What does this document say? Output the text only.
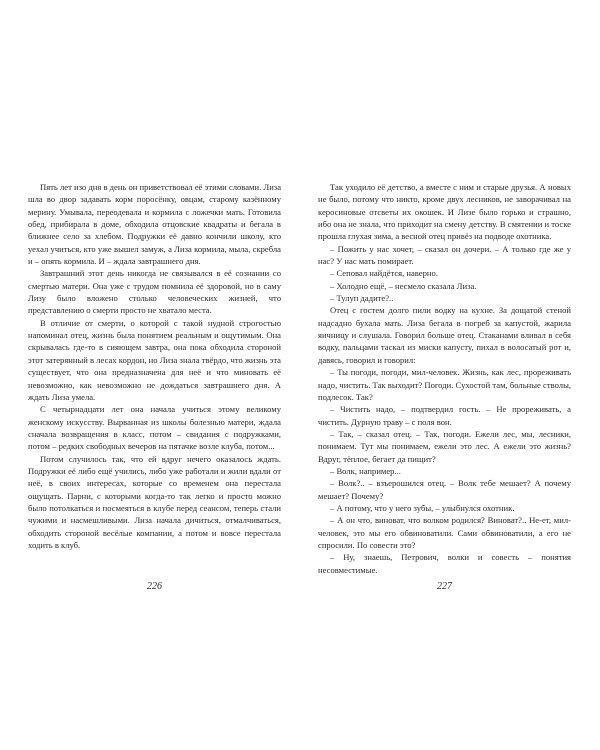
Пять лет изо дня в день он приветствовал её этими словами. Лиза шла во двор задавать корм поросёнку, овцам, старому казённому мерину. Умывала, переодевала и кормила с ложечки мать. Готовила обед, прибирала в доме, обходила отцовские квадраты и бегала в ближнее село за хлебом. Подружки её давно кончили школу, кто уехал учиться, кто уже вышел замуж, а Лиза кормила, мыла, скребла и – опять кормила. И – ждала завтрашнего дня.

Завтрашний этот день никогда не связывался в её сознании со смертью матери. Она уже с трудом помнила её здоровой, но в саму Лизу было вложено столько человеческих жизней, что представлению о смерти просто не хватало места.

В отличие от смерти, о которой с такой нудной строгостью напоминал отец, жизнь была понятием реальным и ощутимым. Она скрывалась где-то в сияющем завтра, она пока обходила стороной этот затерянный в лесах кордон, но Лиза знала твёрдо, что жизнь эта существует, что она предназначена для неё и что миновать её невозможно, как невозможно не дождаться завтрашнего дня. А ждать Лиза умела.

С четырнадцати лет она начала учиться этому великому женскому искусству. Вырванная из школы болезнью матери, ждала сначала возвращения в класс, потом – свидания с подружками, потом – редких свободных вечеров на пятачке возле клуба, потом...

Потом случилось так, что ей вдруг нечего оказалось ждать. Подружки её либо ещё учились, либо уже работали и жили вдали от неё, в своих интересах, которые со временем она перестала ощущать. Парни, с которыми когда-то так легко и просто можно было потолкаться и посмеяться в клубе перед сеансом, теперь стали чужими и насмешливыми. Лиза начала дичиться, отмалчиваться, обходить стороной весёлые компании, а потом и вовсе перестала ходить в клуб.

226

Так уходило её детство, а вместе с ним и старые друзья. А новых не было, потому что никто, кроме двух лесников, не заворачивал на керосиновые отсветы их окошек. И Лизе было горько и страшно, ибо она не знала, что приходит на смену детству. В смятении и тоске прошла глухая зима, а весной отец привёз на подводе охотника.

– Пожить у нас хочет, – сказал он дочери. – А только где же у нас? У нас мать помирает.

– Сеповал найдётся, наверно.

– Холодно ещё, – несмело сказала Лиза.

– Тулуп дадите?..

Отец с гостем долго пили водку на кухне. За дощатой стеной надсадно бухала мать. Лиза бегала в погреб за капустой, жарила яичницу и слушала. Говорил больше отец. Стаканами вливал в себя водку, пальцами таскал из миски капусту, пихал в волосатый рот и, давясь, говорил и говорил:

– Ты погоди, погоди, мил-человек. Жизнь, как лес, прореживать надо, чистить. Так выходит? Погоди. Сухостой там, больные стволы, подлесок. Так?

– Чистить надо, – подтвердил гость. – Не прореживать, а чистить. Дурную траву – с поля вон.

– Так, – сказал отец. – Так, погоди. Ежели лес, мы, лесники, понимаем. Тут мы понимаем, ежели это лес. А ежели это жизнь? Вдруг, тёплое, бегает да пищит?

– Волк, например...

– Волк?.. – взъерошился отец. – Волк тебе мешает? А почему мешает? Почему?

– А потому, что у него зубы, – улыбнулся охотник.

– А он что, виноват, что волком родился? Виноват?.. Не-ет, мил-человек, это мы его обвиноватили. Сами обвиноватили, а его не спросили. По совести это?

– Ну, знаешь, Петрович, волки и совесть – понятия несовместимые.

227
